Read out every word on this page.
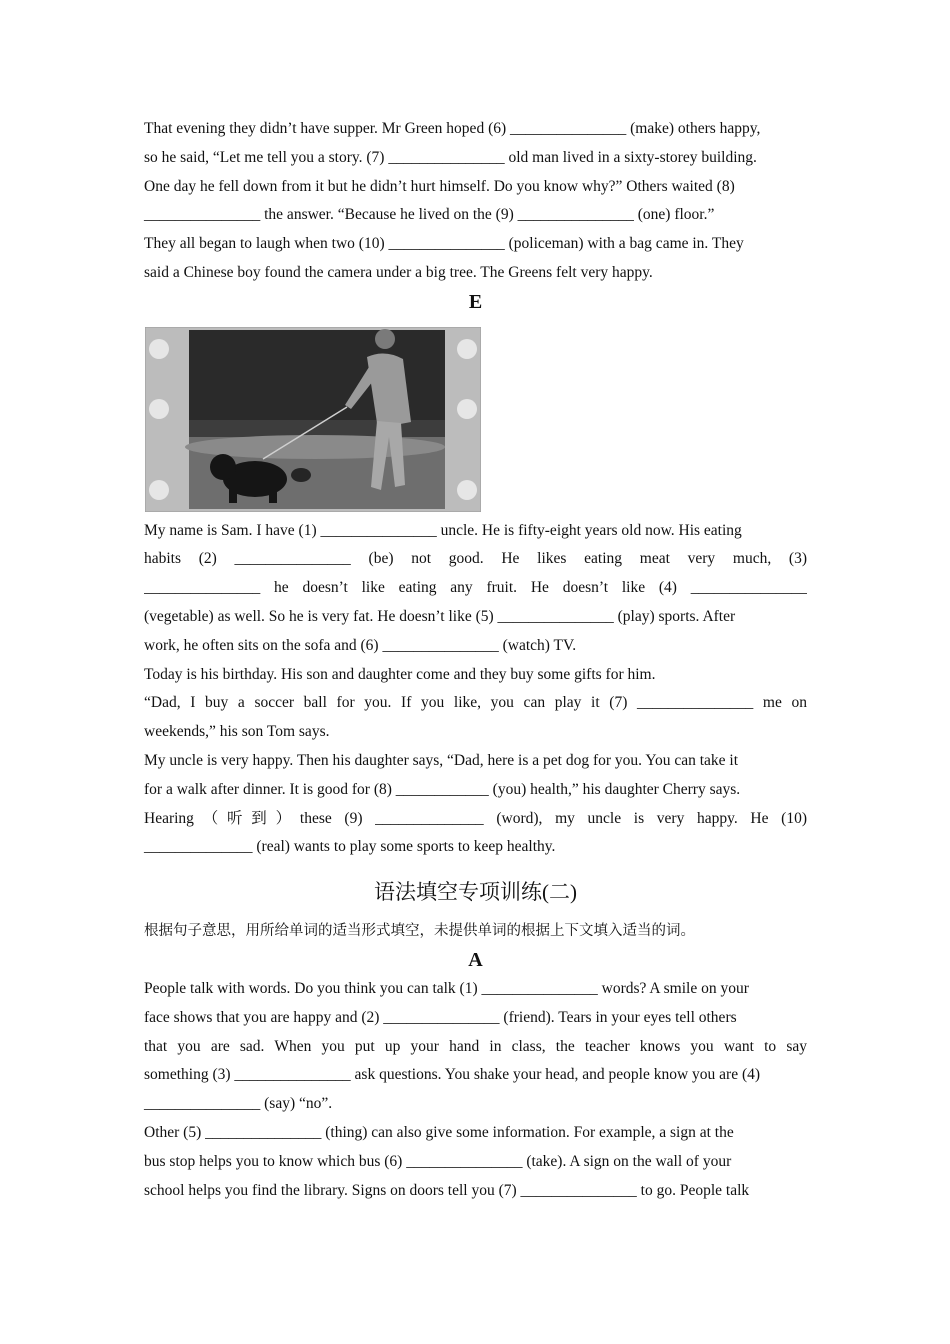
That evening they didn’t have supper. Mr Green hoped (6) _______________ (make) others happy,
so he said, “Let me tell you a story. (7) _______________ old man lived in a sixty-storey building.
One day he fell down from it but he didn’t hurt himself. Do you know why?” Others waited (8)
_______________ the answer. “Because he lived on the (9) _______________ (one) floor.”
They all began to laugh when two (10) _______________ (policeman) with a bag came in. They
said a Chinese boy found the camera under a big tree. The Greens felt very happy.
E
My name is Sam. I have (1) _______________ uncle. He is fifty-eight years old now. His eating
habits (2) _______________ (be) not good. He likes eating meat very much, (3)
_______________ he doesn’t like eating any fruit. He doesn’t like (4) _______________
(vegetable) as well. So he is very fat. He doesn’t like (5) _______________ (play) sports. After
work, he often sits on the sofa and (6) _______________ (watch) TV.
Today is his birthday. His son and daughter come and they buy some gifts for him.
“Dad, I buy a soccer ball for you. If you like, you can play it (7) _______________ me on
weekends,” his son Tom says.
My uncle is very happy. Then his daughter says, “Dad, here is a pet dog for you. You can take it
for a walk after dinner. It is good for (8) ____________ (you) health,” his daughter Cherry says.
Hearing（听到）these (9) ______________ (word), my uncle is very happy. He (10)
______________ (real) wants to play some sports to keep healthy.
语法填空专项训练(二)
根据句子意思，用所给单词的适当形式填空，未提供单词的根据上下文填入适当的词。
A
People talk with words. Do you think you can talk (1) _______________ words? A smile on your
face shows that you are happy and (2) _______________ (friend). Tears in your eyes tell others
that you are sad. When you put up your hand in class, the teacher knows you want to say
something (3) _______________ ask questions. You shake your head, and people know you are (4)
_______________ (say) “no”.
Other (5) _______________ (thing) can also give some information. For example, a sign at the
bus stop helps you to know which bus (6) _______________ (take). A sign on the wall of your
school helps you find the library. Signs on doors tell you (7) _______________ to go. People talk
